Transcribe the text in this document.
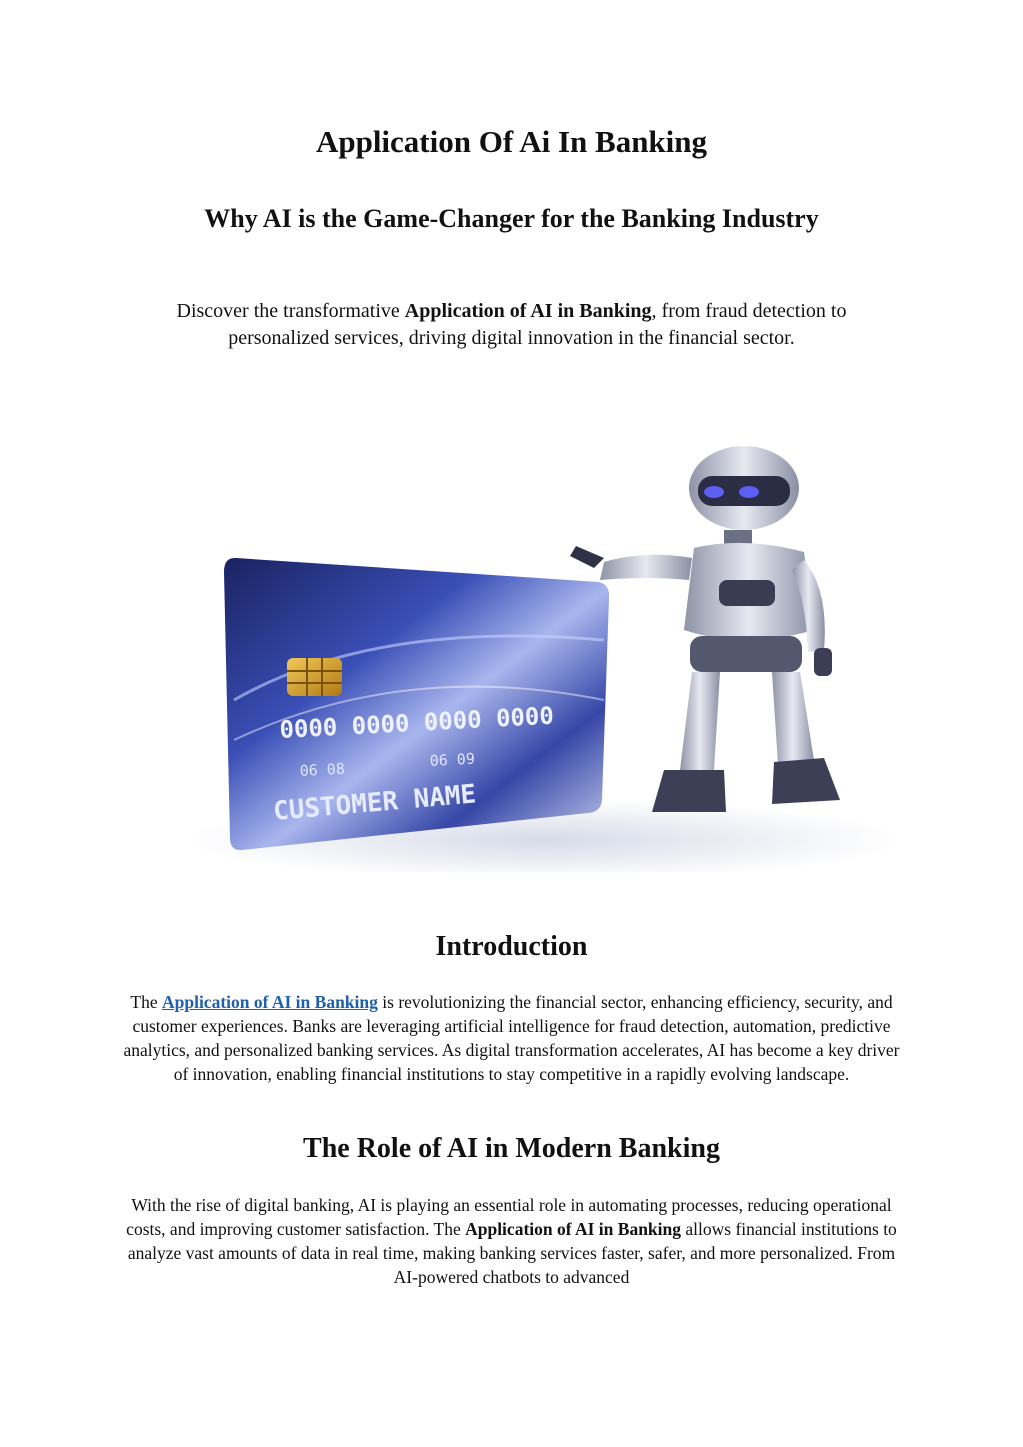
Application Of Ai In Banking
Why AI is the Game-Changer for the Banking Industry

Discover the transformative Application of AI in Banking, from fraud detection to personalized services, driving digital innovation in the financial sector.

0000 0000 0000 0000
06 08	06 09
CUSTOMER NAME
Introduction

The Application of AI in Banking is revolutionizing the financial sector, enhancing efficiency, security, and customer experiences. Banks are leveraging artificial intelligence for fraud detection, automation, predictive analytics, and personalized banking services. As digital transformation accelerates, AI has become a key driver of innovation, enabling financial institutions to stay competitive in a rapidly evolving landscape.

The Role of AI in Modern Banking

With the rise of digital banking, AI is playing an essential role in automating processes, reducing operational costs, and improving customer satisfaction. The Application of AI in Banking allows financial institutions to analyze vast amounts of data in real time, making banking services faster, safer, and more personalized. From AI-powered chatbots to advanced
